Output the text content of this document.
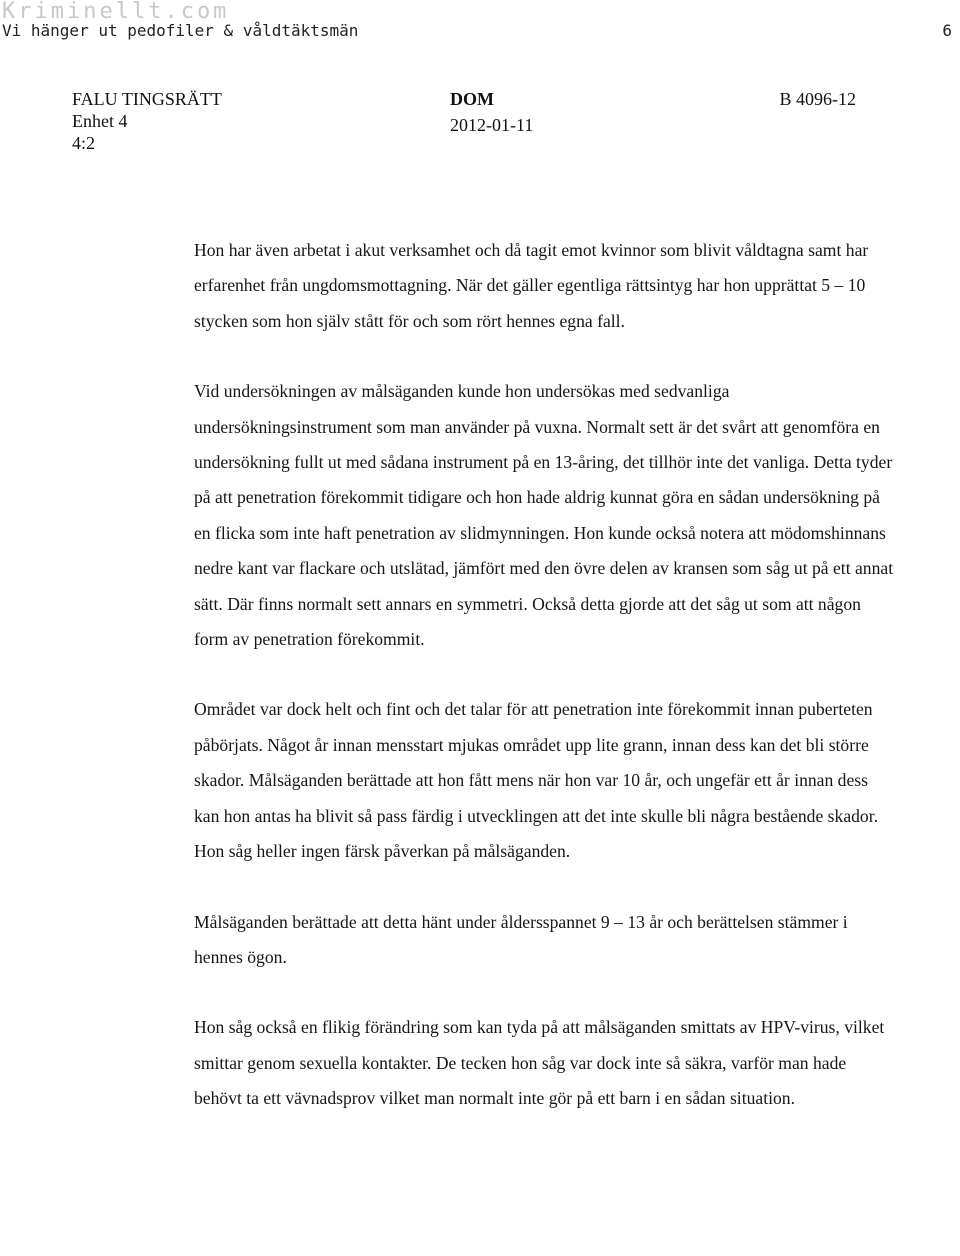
Kriminellt.com
Vi hänger ut pedofiler & våldtäktsmän	6
FALU TINGSRÄTT
Enhet 4
4:2
DOM
2012-01-11
B 4096-12

Hon har även arbetat i akut verksamhet och då tagit emot kvinnor som blivit våldtagna samt har erfarenhet från ungdomsmottagning. När det gäller egentliga rättsintyg har hon upprättat 5 – 10 stycken som hon själv stått för och som rört hennes egna fall.

Vid undersökningen av målsäganden kunde hon undersökas med sedvanliga undersökningsinstrument som man använder på vuxna. Normalt sett är det svårt att genomföra en undersökning fullt ut med sådana instrument på en 13-åring, det tillhör inte det vanliga. Detta tyder på att penetration förekommit tidigare och hon hade aldrig kunnat göra en sådan undersökning på en flicka som inte haft penetration av slidmynningen. Hon kunde också notera att mödomshinnans nedre kant var flackare och utslätad, jämfört med den övre delen av kransen som såg ut på ett annat sätt. Där finns normalt sett annars en symmetri. Också detta gjorde att det såg ut som att någon form av penetration förekommit.

Området var dock helt och fint och det talar för att penetration inte förekommit innan puberteten påbörjats. Något år innan mensstart mjukas området upp lite grann, innan dess kan det bli större skador. Målsäganden berättade att hon fått mens när hon var 10 år, och ungefär ett år innan dess kan hon antas ha blivit så pass färdig i utvecklingen att det inte skulle bli några bestående skador. Hon såg heller ingen färsk påverkan på målsäganden.

Målsäganden berättade att detta hänt under åldersspannet 9 – 13 år och berättelsen stämmer i hennes ögon.

Hon såg också en flikig förändring som kan tyda på att målsäganden smittats av HPV-virus, vilket smittar genom sexuella kontakter. De tecken hon såg var dock inte så säkra, varför man hade behövt ta ett vävnadsprov vilket man normalt inte gör på ett barn i en sådan situation.
